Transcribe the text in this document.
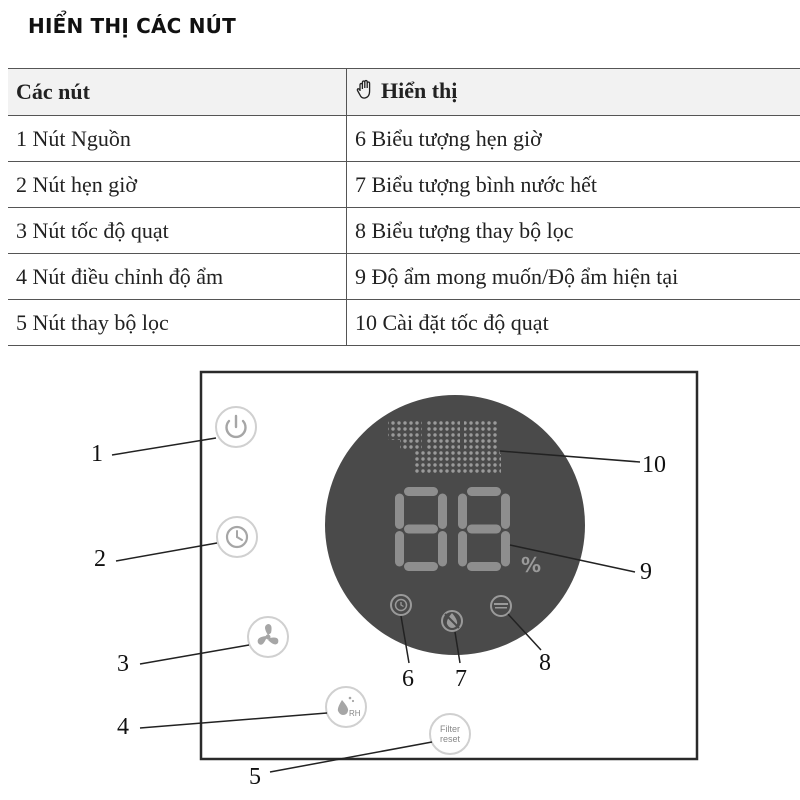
HIỂN THỊ CÁC NÚT
Các nút	Hiển thị
1 Nút Nguồn	6 Biểu tượng hẹn giờ
2 Nút hẹn giờ	7 Biểu tượng bình nước hết
3 Nút tốc độ quạt	8 Biểu tượng thay bộ lọc
4 Nút điều chỉnh độ ẩm	9 Độ ẩm mong muốn/Độ ẩm hiện tại
5 Nút thay bộ lọc	10 Cài đặt tốc độ quạt
%
RH
Filter
reset
1
2
3
4
5
6 7
8
9
10
